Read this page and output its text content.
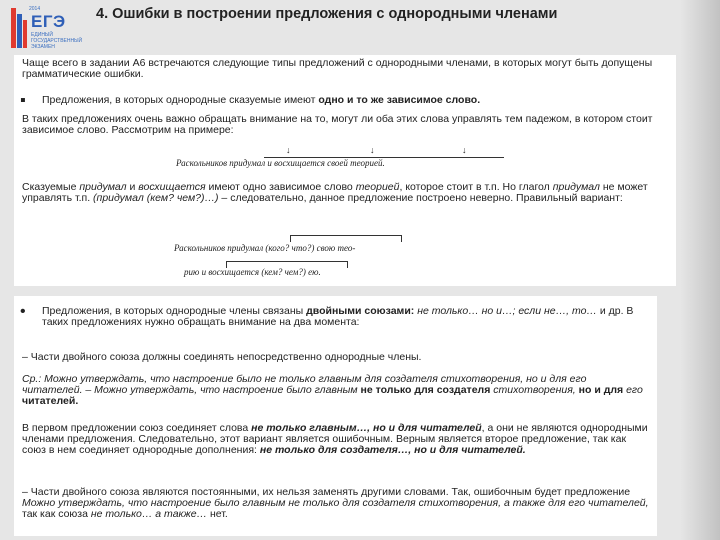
2014
ЕГЭ
ЕДИНЫЙ ГОСУДАРСТВЕННЫЙ ЭКЗАМЕН
4. Ошибки в построении предложения с однородными членами

Чаще всего в задании А6 встречаются следующие типы предложений с однородными членами, в которых могут быть допущены грамматические ошибки.

▪ Предложения, в которых однородные сказуемые имеют одно и то же зависимое слово.

В таких предложениях очень важно обращать внимание на то, могут ли оба этих слова управлять тем падежом, в котором стоит зависимое слово. Рассмотрим на примере:

↓	↓	↓
Раскольников придумал и восхищается своей теорией.

Сказуемые придумал и восхищается имеют одно зависимое слово теорией, которое стоит в т.п. Но глагол придумал не может управлять т.п. (придумал (кем? чем?)…) – следовательно, данное предложение построено неверно. Правильный вариант:

Раскольников придумал (кого? что?) свою тео-
рию и восхищается (кем? чем?) ею.
• Предложения, в которых однородные члены связаны двойными союзами: не только… но и…; если не…, то… и др. В таких предложениях нужно обращать внимание на два момента:

– Части двойного союза должны соединять непосредственно однородные члены.

Ср.: Можно утверждать, что настроение было не только главным для создателя стихотворения, но и для его читателей. – Можно утверждать, что настроение было главным не только для создателя стихотворения, но и для его читателей.

В первом предложении союз соединяет слова не только главным…, но и для читателей, а они не являются однородными членами предложения. Следовательно, этот вариант является ошибочным. Верным является второе предложение, так как союз в нем соединяет однородные дополнения: не только для создателя…, но и для читателей.

– Части двойного союза являются постоянными, их нельзя заменять другими словами. Так, ошибочным будет предложение Можно утверждать, что настроение было главным не только для создателя стихотворения, а также для его читателей, так как союза не только… а также… нет.
